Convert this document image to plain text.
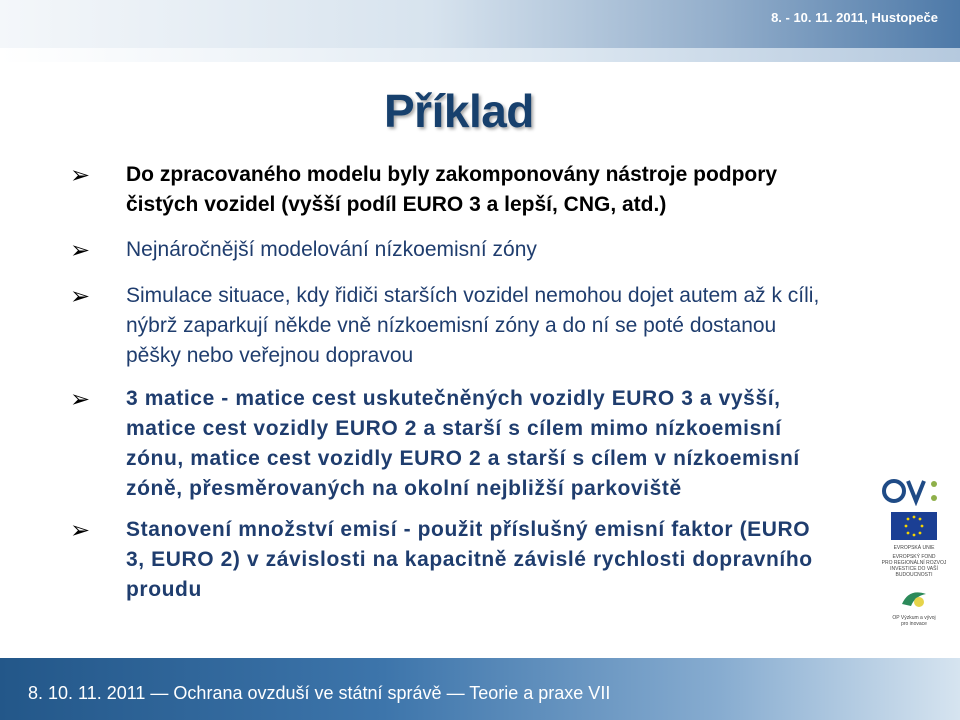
8. - 10. 11. 2011, Hustopeče
Příklad
➢ Do zpracovaného modelu byly zakomponovány nástroje podpory čistých vozidel (vyšší podíl EURO 3 a lepší, CNG, atd.)
➢ Nejnáročnější modelování nízkoemisní zóny
➢ Simulace situace, kdy řidiči starších vozidel nemohou dojet autem až k cíli, nýbrž zaparkují někde vně nízkoemisní zóny a do ní se poté dostanou pěšky nebo veřejnou dopravou
➢ 3 matice - matice cest uskutečněných vozidly EURO 3 a vyšší, matice cest vozidly EURO 2 a starší s cílem mimo nízkoemisní zónu, matice cest vozidly EURO 2 a starší s cílem v nízkoemisní zóně, přesměrovaných na okolní nejbližší parkoviště
➢ Stanovení množství emisí - použit příslušný emisní faktor (EURO 3, EURO 2) v závislosti na kapacitně závislé rychlosti dopravního proudu
EVROPSKÁ UNIE
EVROPSKÝ FOND
PRO REGIONÁLNÍ ROZVOJ
INVESTICE DO VAŠÍ BUDOUCNOSTI
OP Výzkum a vývoj
pro inovace
8. 10. 11. 2011 — Ochrana ovzduší ve státní správě — Teorie a praxe VII
